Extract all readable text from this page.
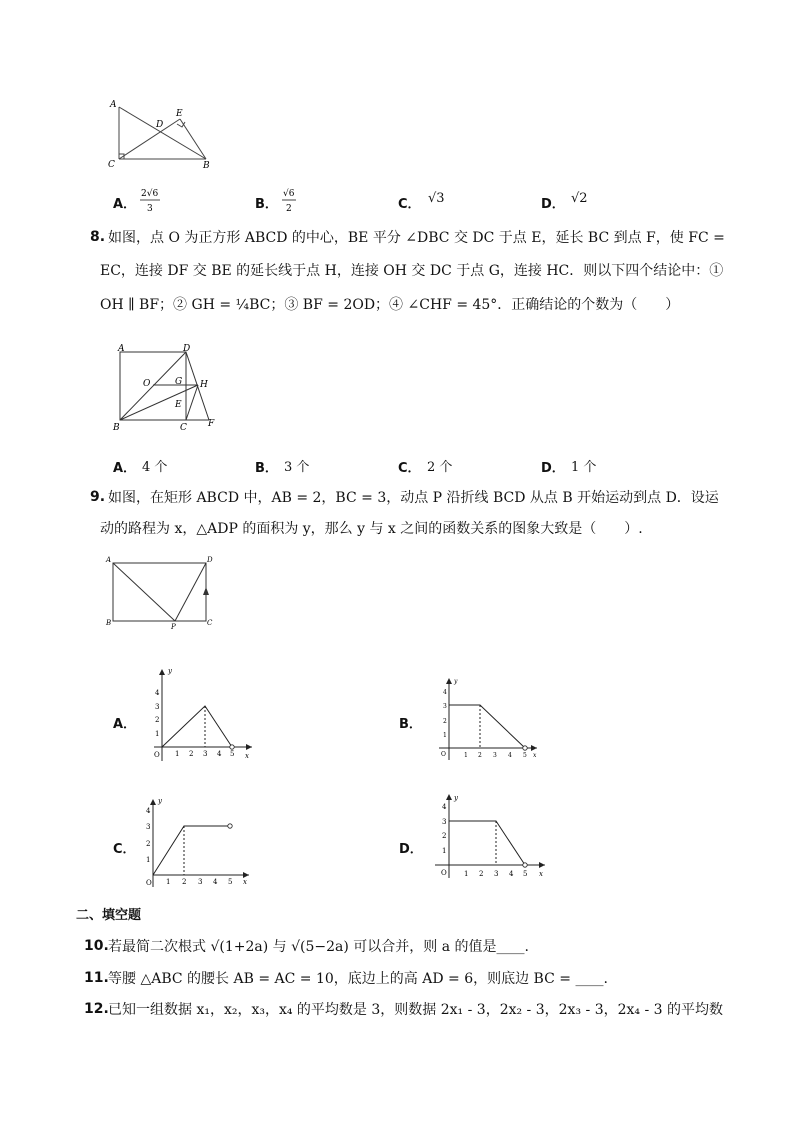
A
C
D
E
B
A．
2√6
3	B．
√6
2	C． √3	D． √2
8. 如图，点 O 为正方形 ABCD 的中心，BE 平分 ∠DBC 交 DC 于点 E，延长 BC 到点 F，使 FC =
EC，连接 DF 交 BE 的延长线于点 H，连接 OH 交 DC 于点 G，连接 HC．则以下四个结论中：①
OH ∥ BF；② GH = ¼BC；③ BF = 2OD；④ ∠CHF = 45°．正确结论的个数为（　　）
A	D
O	G H
E
B	C F
A． 4 个	B． 3 个	C． 2 个	D． 1 个
9. 如图，在矩形 ABCD 中，AB = 2，BC = 3，动点 P 沿折线 BCD 从点 B 开始运动到点 D．设运
动的路程为 x，△ADP 的面积为 y，那么 y 与 x 之间的函数关系的图象大致是（　　）.
A	D
B	P	C
A．	B．
C．	D．
y
x
O 1 2 3 4 5
1
2
3
4
y
x
O	1 2 3 4 5
1
2
3
4
y
x
O 1 2 3 4 5
1
2
3
4
y
x
O 1 2 3 4 5
1
2
3
4
二、填空题
10. 若最简二次根式 √(1+2a) 与 √(5−2a) 可以合并，则 a 的值是____.
11. 等腰 △ABC 的腰长 AB = AC = 10，底边上的高 AD = 6，则底边 BC = ____.
12. 已知一组数据 x₁，x₂，x₃，x₄ 的平均数是 3，则数据 2x₁ - 3，2x₂ - 3，2x₃ - 3，2x₄ - 3 的平均数
